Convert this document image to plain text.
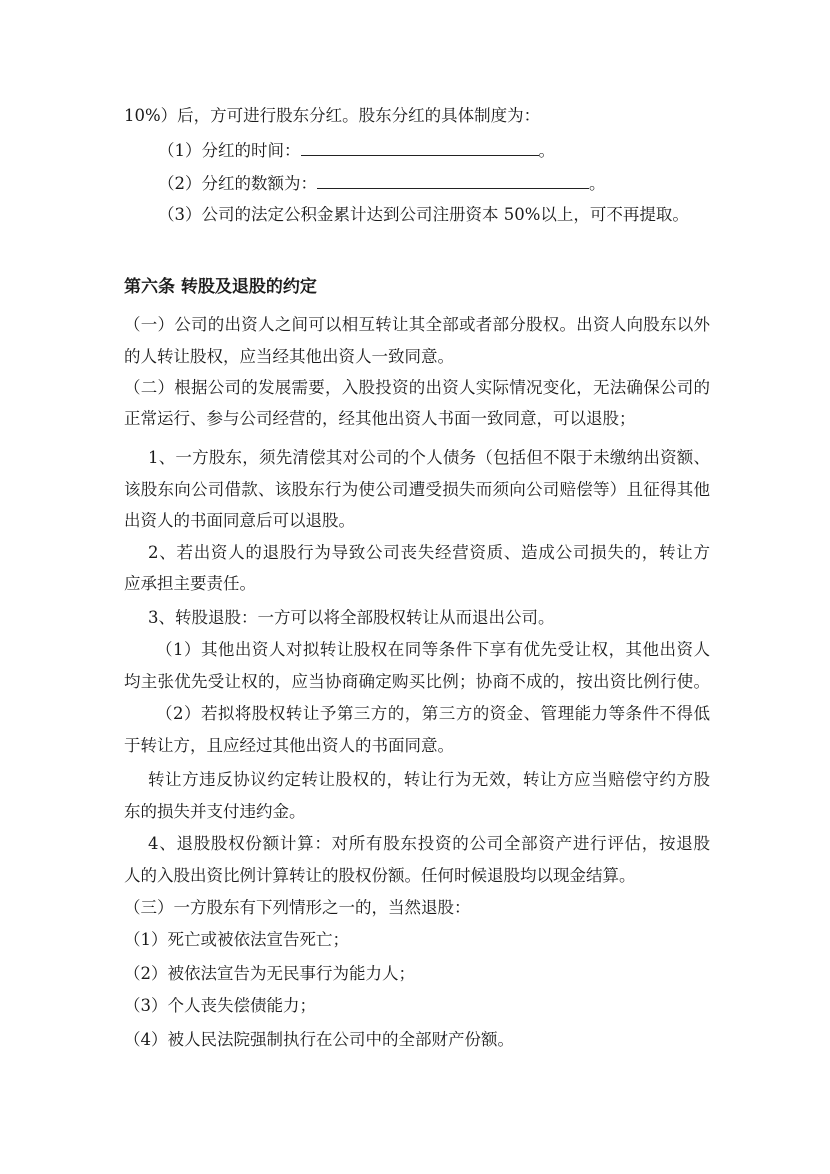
10%）后，方可进行股东分红。股东分红的具体制度为：
（1）分红的时间：	。
（2）分红的数额为：	。
（3）公司的法定公积金累计达到公司注册资本 50%以上，可不再提取。
第六条 转股及退股的约定
（一）公司的出资人之间可以相互转让其全部或者部分股权。出资人向股东以外
的人转让股权，应当经其他出资人一致同意。
（二）根据公司的发展需要，入股投资的出资人实际情况变化，无法确保公司的
正常运行、参与公司经营的，经其他出资人书面一致同意，可以退股；
1、一方股东，须先清偿其对公司的个人债务（包括但不限于未缴纳出资额、
该股东向公司借款、该股东行为使公司遭受损失而须向公司赔偿等）且征得其他
出资人的书面同意后可以退股。
2、若出资人的退股行为导致公司丧失经营资质、造成公司损失的，转让方
应承担主要责任。
3、转股退股：一方可以将全部股权转让从而退出公司。
（1）其他出资人对拟转让股权在同等条件下享有优先受让权，其他出资人
均主张优先受让权的，应当协商确定购买比例；协商不成的，按出资比例行使。
（2）若拟将股权转让予第三方的，第三方的资金、管理能力等条件不得低
于转让方，且应经过其他出资人的书面同意。
转让方违反协议约定转让股权的，转让行为无效，转让方应当赔偿守约方股
东的损失并支付违约金。
4、退股股权份额计算：对所有股东投资的公司全部资产进行评估，按退股
人的入股出资比例计算转让的股权份额。任何时候退股均以现金结算。
（三）一方股东有下列情形之一的，当然退股：
（1）死亡或被依法宣告死亡；
（2）被依法宣告为无民事行为能力人；
（3）个人丧失偿债能力；
（4）被人民法院强制执行在公司中的全部财产份额。
